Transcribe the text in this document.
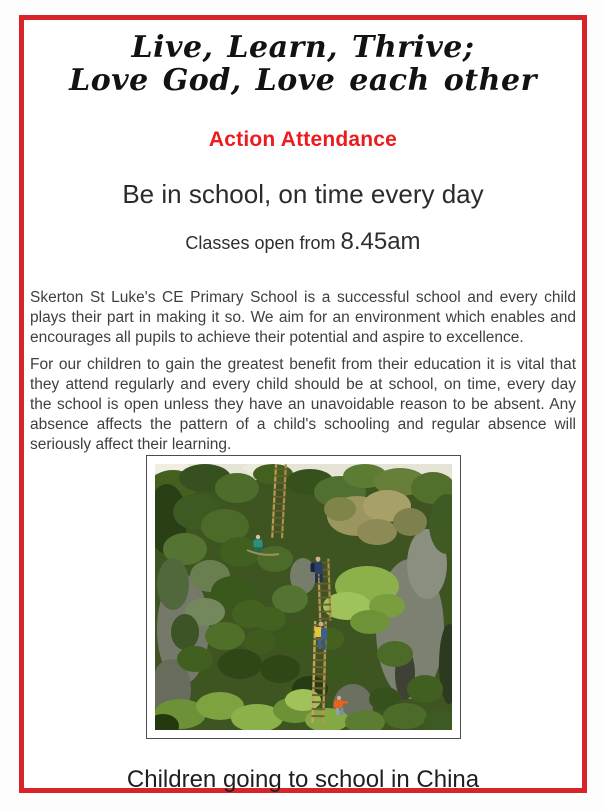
Live, Learn, Thrive;
Love God, Love each other
Action Attendance
Be in school, on time every day
Classes open from 8.45am
Skerton St Luke's CE Primary School is a successful school and every child plays their part in making it so. We aim for an environment which enables and encourages all pupils to achieve their potential and aspire to excellence.
For our children to gain the greatest benefit from their education it is vital that they attend regularly and every child should be at school, on time, every day the school is open unless they have an unavoidable reason to be absent. Any absence affects the pattern of a child's schooling and regular absence will seriously affect their learning.
Children going to school in China
